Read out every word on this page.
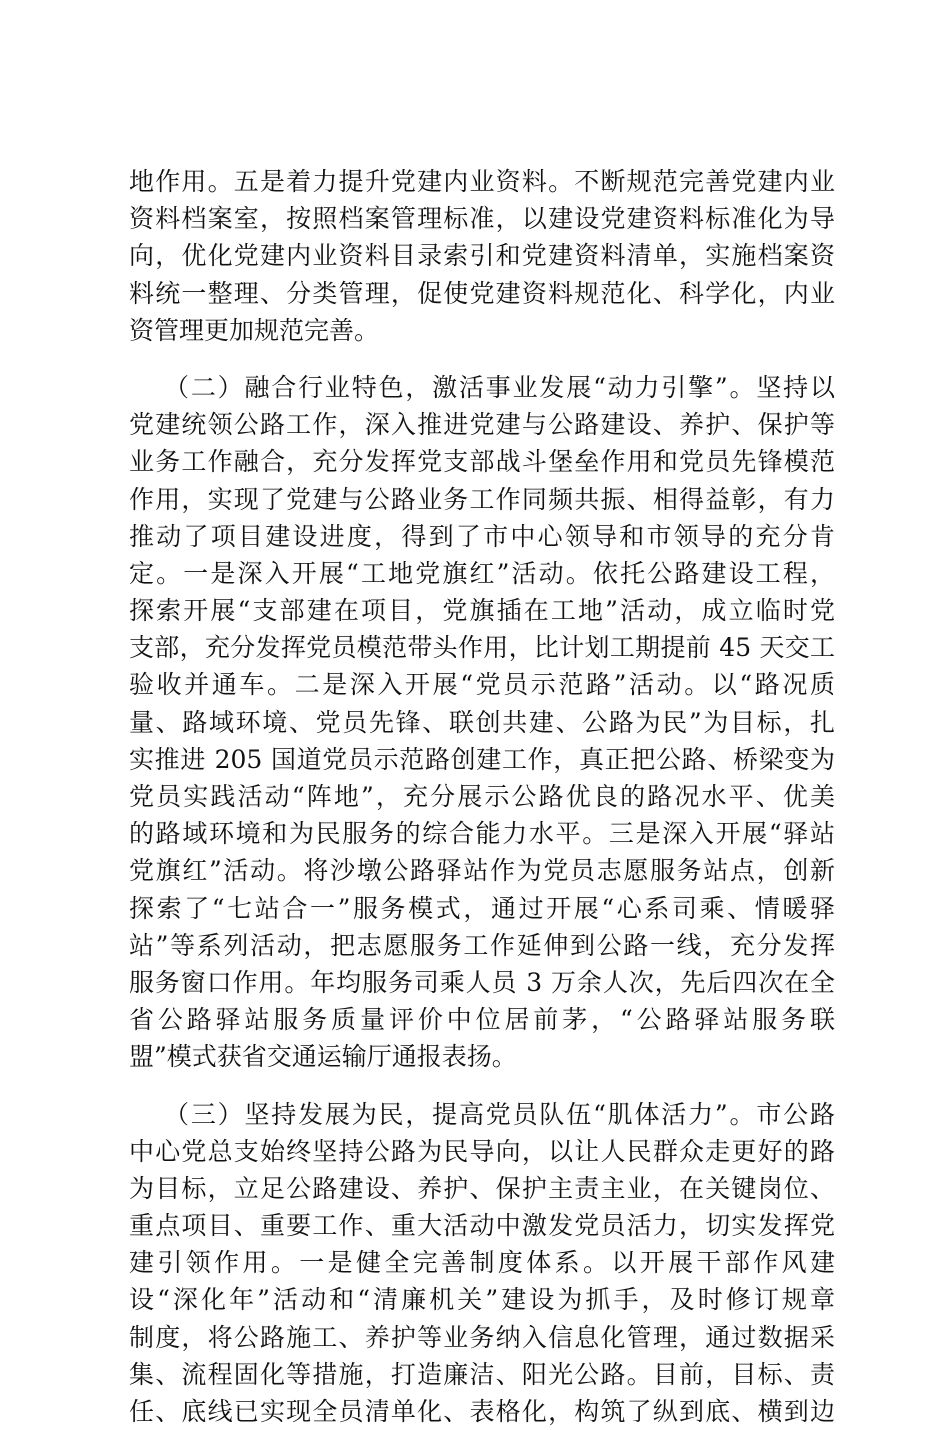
地作用。五是着力提升党建内业资料。不断规范完善党建内业
资料档案室，按照档案管理标准，以建设党建资料标准化为导
向，优化党建内业资料目录索引和党建资料清单，实施档案资
料统一整理、分类管理，促使党建资料规范化、科学化，内业
资管理更加规范完善。
（二）融合行业特色，激活事业发展“动力引擎”。坚持以
党建统领公路工作，深入推进党建与公路建设、养护、保护等
业务工作融合，充分发挥党支部战斗堡垒作用和党员先锋模范
作用，实现了党建与公路业务工作同频共振、相得益彰，有力
推动了项目建设进度，得到了市中心领导和市领导的充分肯
定。一是深入开展“工地党旗红”活动。依托公路建设工程，
探索开展“支部建在项目，党旗插在工地”活动，成立临时党
支部，充分发挥党员模范带头作用，比计划工期提前 45 天交工
验收并通车。二是深入开展“党员示范路”活动。以“路况质
量、路域环境、党员先锋、联创共建、公路为民”为目标，扎
实推进 205 国道党员示范路创建工作，真正把公路、桥梁变为
党员实践活动“阵地”，充分展示公路优良的路况水平、优美
的路域环境和为民服务的综合能力水平。三是深入开展“驿站
党旗红”活动。将沙墩公路驿站作为党员志愿服务站点，创新
探索了“七站合一”服务模式，通过开展“心系司乘、情暖驿
站”等系列活动，把志愿服务工作延伸到公路一线，充分发挥
服务窗口作用。年均服务司乘人员 3 万余人次，先后四次在全
省公路驿站服务质量评价中位居前茅，“公路驿站服务联
盟”模式获省交通运输厅通报表扬。
（三）坚持发展为民，提高党员队伍“肌体活力”。市公路
中心党总支始终坚持公路为民导向，以让人民群众走更好的路
为目标，立足公路建设、养护、保护主责主业，在关键岗位、
重点项目、重要工作、重大活动中激发党员活力，切实发挥党
建引领作用。一是健全完善制度体系。以开展干部作风建
设“深化年”活动和“清廉机关”建设为抓手，及时修订规章
制度，将公路施工、养护等业务纳入信息化管理，通过数据采
集、流程固化等措施，打造廉洁、阳光公路。目前，目标、责
任、底线已实现全员清单化、表格化，构筑了纵到底、横到边
